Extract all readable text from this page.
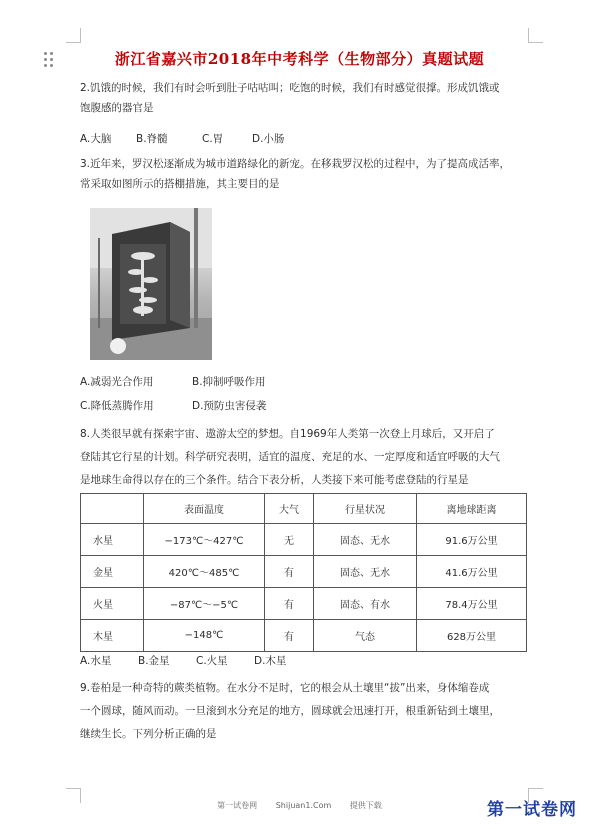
浙江省嘉兴市2018年中考科学（生物部分）真题试题
2.饥饿的时候，我们有时会听到肚子咕咕叫；吃饱的时候，我们有时感觉很撑。形成饥饿或
饱腹感的器官是
A.大脑 B.脊髓	C.胃	D.小肠
3.近年来，罗汉松逐渐成为城市道路绿化的新宠。在移栽罗汉松的过程中，为了提高成活率，
常采取如图所示的搭棚措施，其主要目的是
A.减弱光合作用	B.抑制呼吸作用
C.降低蒸腾作用	D.预防虫害侵袭
8.人类很早就有探索宇宙、遨游太空的梦想。自1969年人类第一次登上月球后，又开启了
登陆其它行星的计划。科学研究表明，适宜的温度、充足的水、一定厚度和适宜呼吸的大气
是地球生命得以存在的三个条件。结合下表分析，人类接下来可能考虑登陆的行星是
	表面温度	大气	行星状况	离地球距离
水星	−173℃～427℃	无	固态、无水	91.6万公里
金星	420℃～485℃	有	固态、无水	41.6万公里
火星	−87℃～−5℃	有	固态、有水	78.4万公里
木星	−148℃	有	气态	628万公里
A.水星	B.金星	C.火星	D.木星
9.卷柏是一种奇特的蕨类植物。在水分不足时，它的根会从土壤里“拔”出来，身体缩卷成
一个圆球，随风而动。一旦滚到水分充足的地方，圆球就会迅速打开，根重新钻到土壤里，
继续生长。下列分析正确的是
第一试卷网 Shijuan1.Com 提供下载	第一试卷网
